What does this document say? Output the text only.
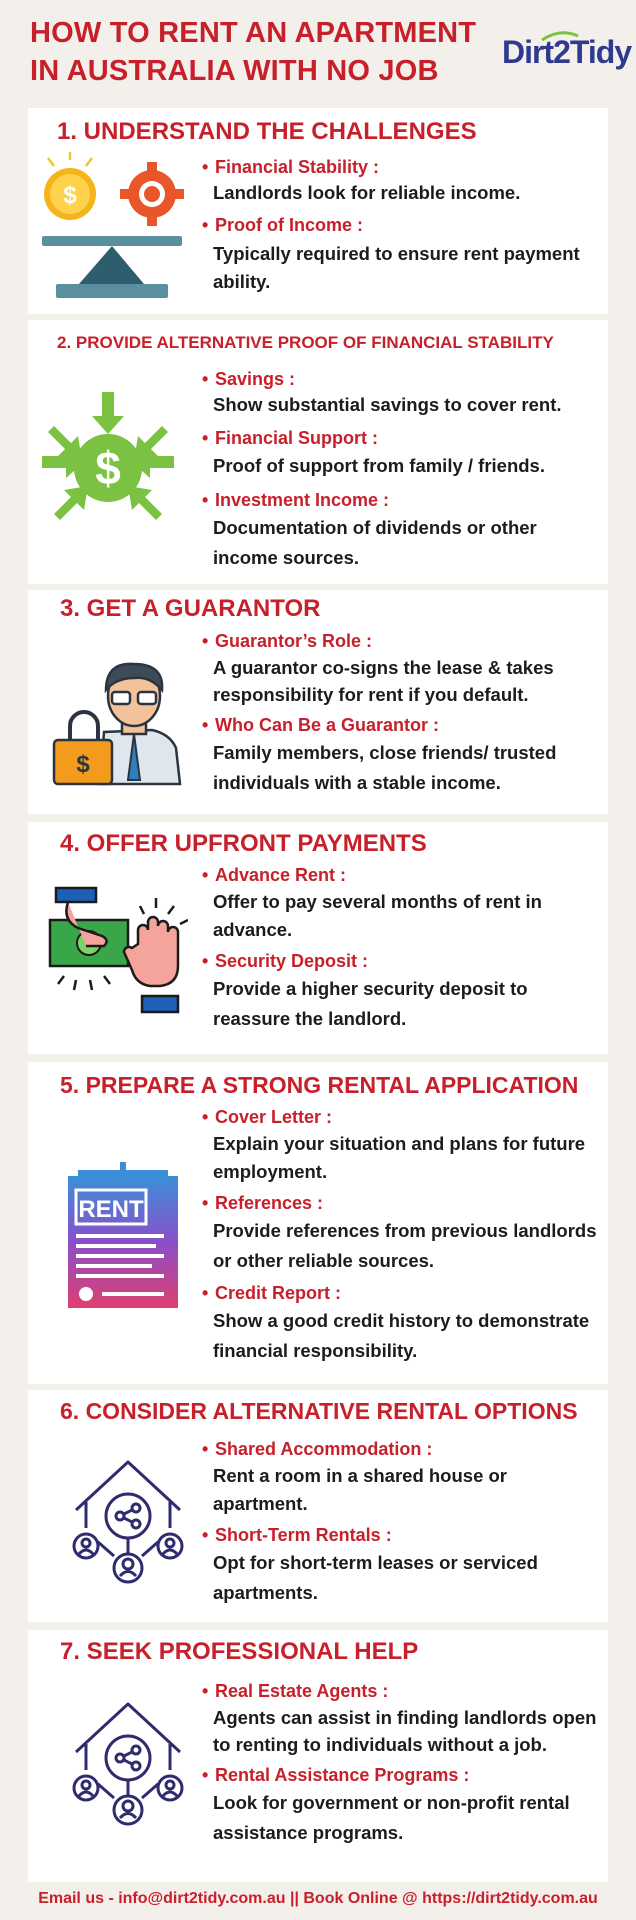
HOW TO RENT AN APARTMENT
IN AUSTRALIA WITH NO JOB
Dirt2Tidy
1. UNDERSTAND THE CHALLENGES
$
• Financial Stability :
Landlords look for reliable income.
• Proof of Income :
Typically required to ensure rent payment ability.
2. PROVIDE ALTERNATIVE PROOF OF FINANCIAL STABILITY
$
• Savings :
Show substantial savings to cover rent.
• Financial Support :
Proof of support from family / friends.
• Investment Income :
Documentation of dividends or other income sources.
3. GET A GUARANTOR
$
• Guarantor’s Role :
A guarantor co-signs the lease & takes responsibility for rent if you default.
• Who Can Be a Guarantor :
Family members, close friends/ trusted individuals with a stable income.
4. OFFER UPFRONT PAYMENTS
• Advance Rent :
Offer to pay several months of rent in advance.
• Security Deposit :
Provide a higher security deposit to reassure the landlord.
5. PREPARE A STRONG RENTAL APPLICATION
RENT
• Cover Letter :
Explain your situation and plans for future employment.
• References :
Provide references from previous landlords or other reliable sources.
• Credit Report :
Show a good credit history to demonstrate financial responsibility.
6. CONSIDER ALTERNATIVE RENTAL OPTIONS
• Shared Accommodation :
Rent a room in a shared house or apartment.
• Short-Term Rentals :
Opt for short-term leases or serviced apartments.
7. SEEK PROFESSIONAL HELP
• Real Estate Agents :
Agents can assist in finding landlords open to renting to individuals without a job.
• Rental Assistance Programs :
Look for government or non-profit rental assistance programs.
Email us - info@dirt2tidy.com.au || Book Online @ https://dirt2tidy.com.au
